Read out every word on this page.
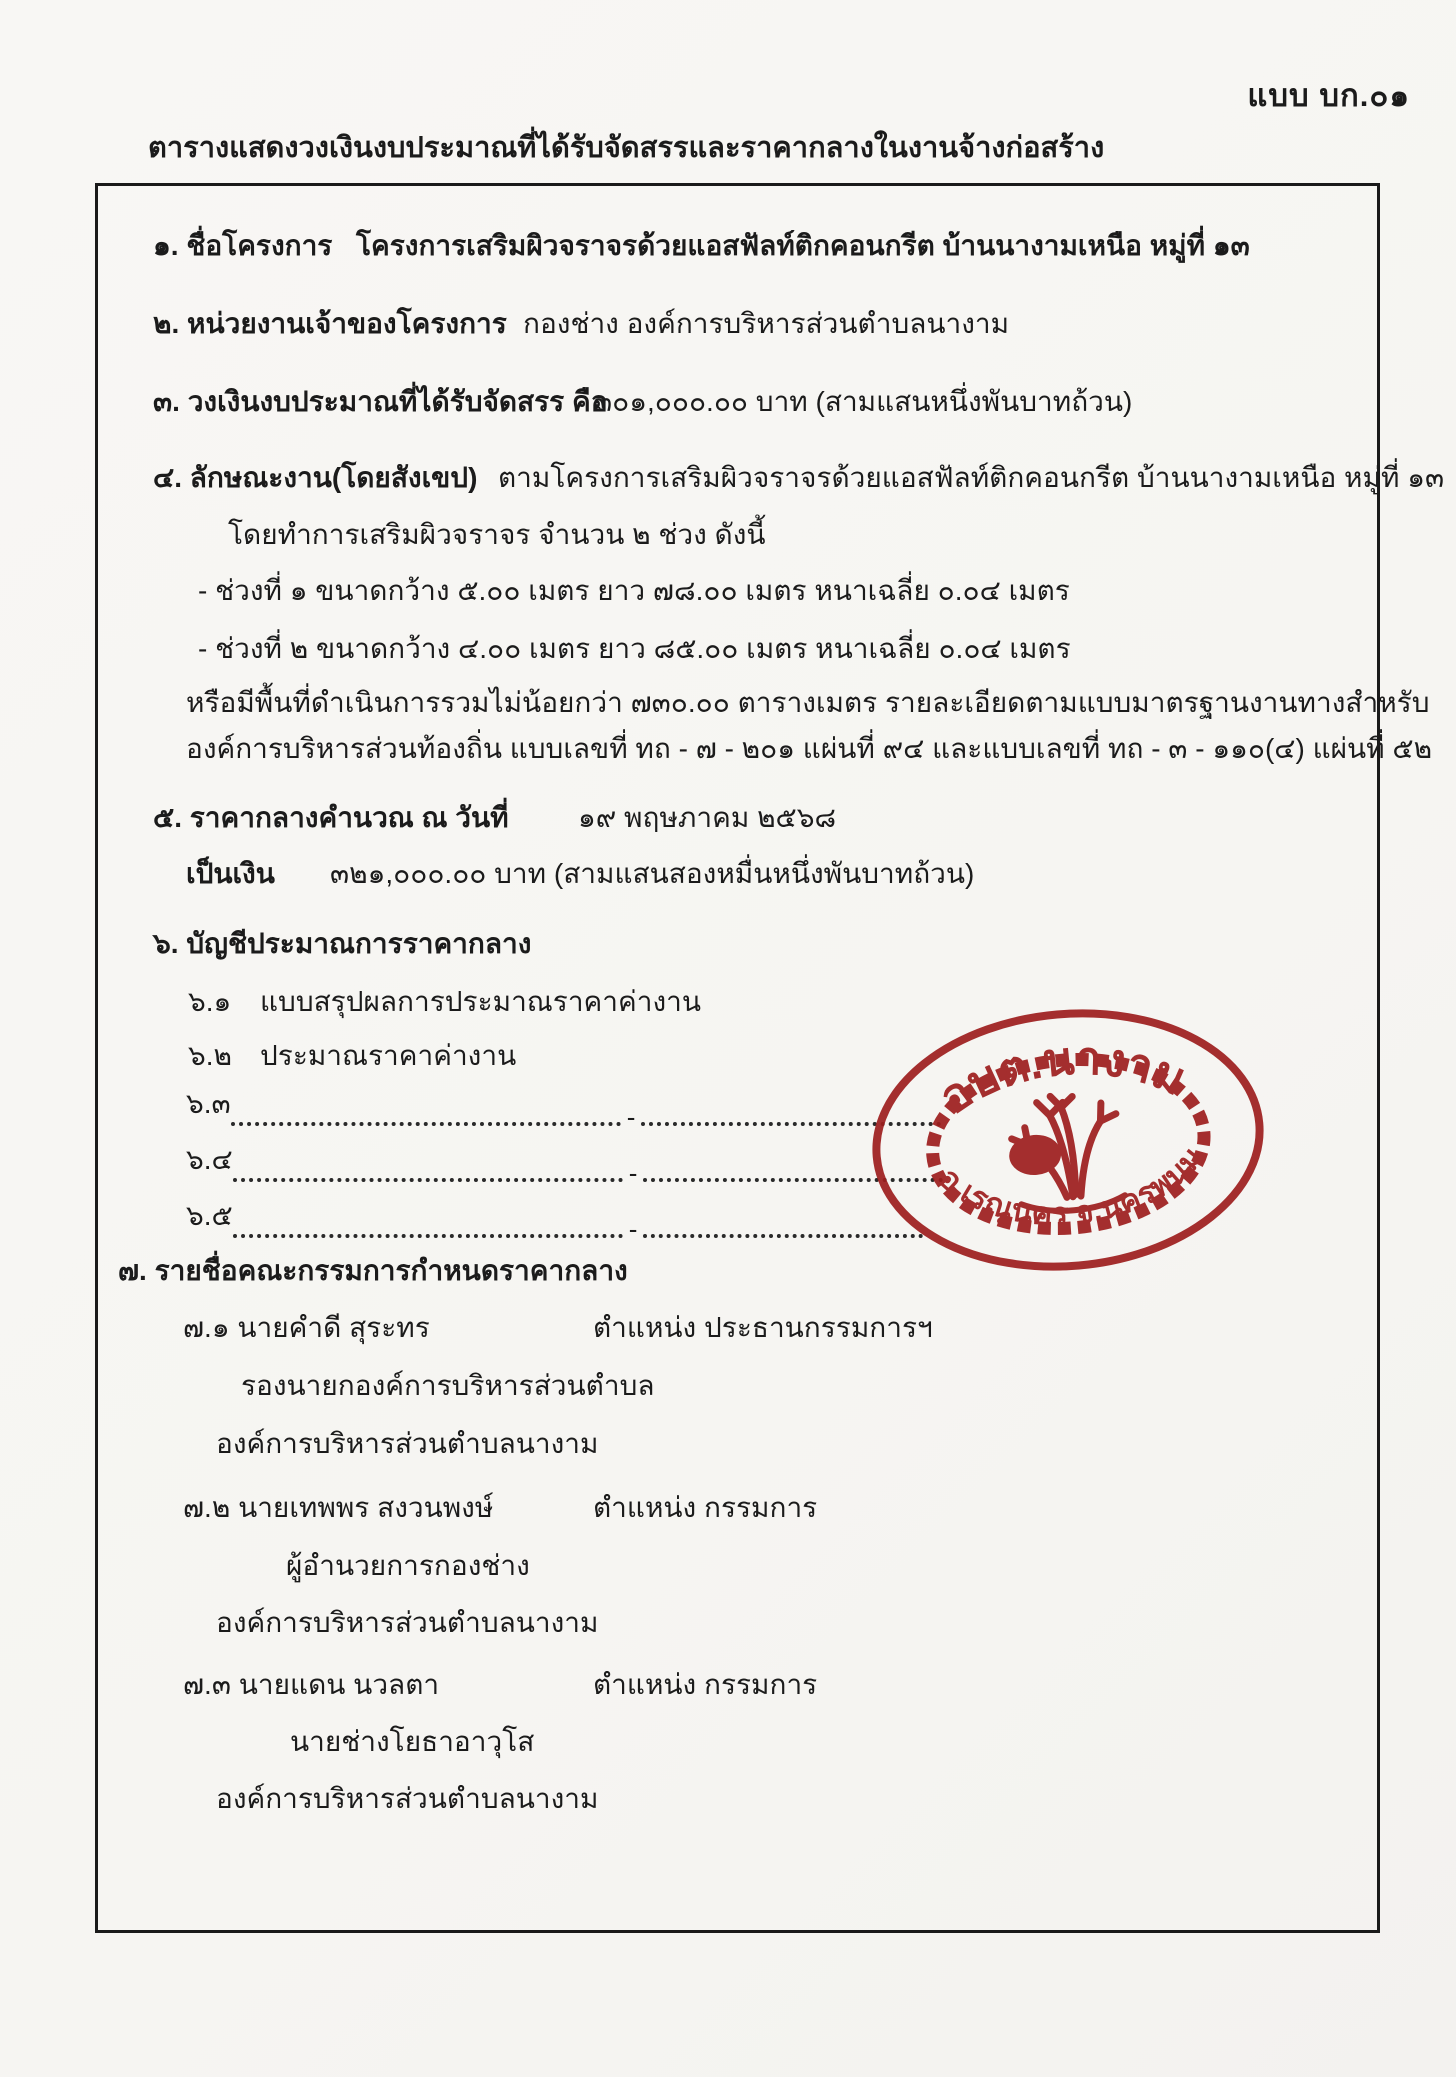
แบบ บก.๐๑
ตารางแสดงวงเงินงบประมาณที่ได้รับจัดสรรและราคากลางในงานจ้างก่อสร้าง
๑. ชื่อโครงการ โครงการเสริมผิวจราจรด้วยแอสฟัลท์ติกคอนกรีต บ้านนางามเหนือ หมู่ที่ ๑๓
๒. หน่วยงานเจ้าของโครงการ กองช่าง องค์การบริหารส่วนตำบลนางาม
๓. วงเงินงบประมาณที่ได้รับจัดสรร คือ
๓๐๑,๐๐๐.๐๐ บาท (สามแสนหนึ่งพันบาทถ้วน)
๔. ลักษณะงาน(โดยสังเขป) ตามโครงการเสริมผิวจราจรด้วยแอสฟัลท์ติกคอนกรีต บ้านนางามเหนือ หมู่ที่ ๑๓
โดยทำการเสริมผิวจราจร จำนวน ๒ ช่วง ดังนี้
- ช่วงที่ ๑ ขนาดกว้าง ๕.๐๐ เมตร ยาว ๗๘.๐๐ เมตร หนาเฉลี่ย ๐.๐๔ เมตร
- ช่วงที่ ๒ ขนาดกว้าง ๔.๐๐ เมตร ยาว ๘๕.๐๐ เมตร หนาเฉลี่ย ๐.๐๔ เมตร
หรือมีพื้นที่ดำเนินการรวมไม่น้อยกว่า ๗๓๐.๐๐ ตารางเมตร รายละเอียดตามแบบมาตรฐานงานทางสำหรับ
องค์การบริหารส่วนท้องถิ่น แบบเลขที่ ทถ - ๗ - ๒๐๑ แผ่นที่ ๙๔ และแบบเลขที่ ทถ - ๓ - ๑๑๐(๔) แผ่นที่ ๕๒
๕. ราคากลางคำนวณ ณ วันที่ ๑๙ พฤษภาคม ๒๕๖๘
เป็นเงิน ๓๒๑,๐๐๐.๐๐ บาท (สามแสนสองหมื่นหนึ่งพันบาทถ้วน)
๖. บัญชีประมาณการราคากลาง
๖.๑ แบบสรุปผลการประมาณราคาค่างาน
๖.๒ ประมาณราคาค่างาน
๖.๓	-
๖.๔	-
๖.๕	-
อบต.นางาม
อ.เรณูนคร จ.นครพนม
๗. รายชื่อคณะกรรมการกำหนดราคากลาง
๗.๑ นายคำดี สุระทร	ตำแหน่ง ประธานกรรมการฯ
รองนายกองค์การบริหารส่วนตำบล
องค์การบริหารส่วนตำบลนางาม
๗.๒ นายเทพพร สงวนพงษ์	ตำแหน่ง กรรมการ
ผู้อำนวยการกองช่าง
องค์การบริหารส่วนตำบลนางาม
๗.๓ นายแดน นวลตา	ตำแหน่ง กรรมการ
นายช่างโยธาอาวุโส
องค์การบริหารส่วนตำบลนางาม
